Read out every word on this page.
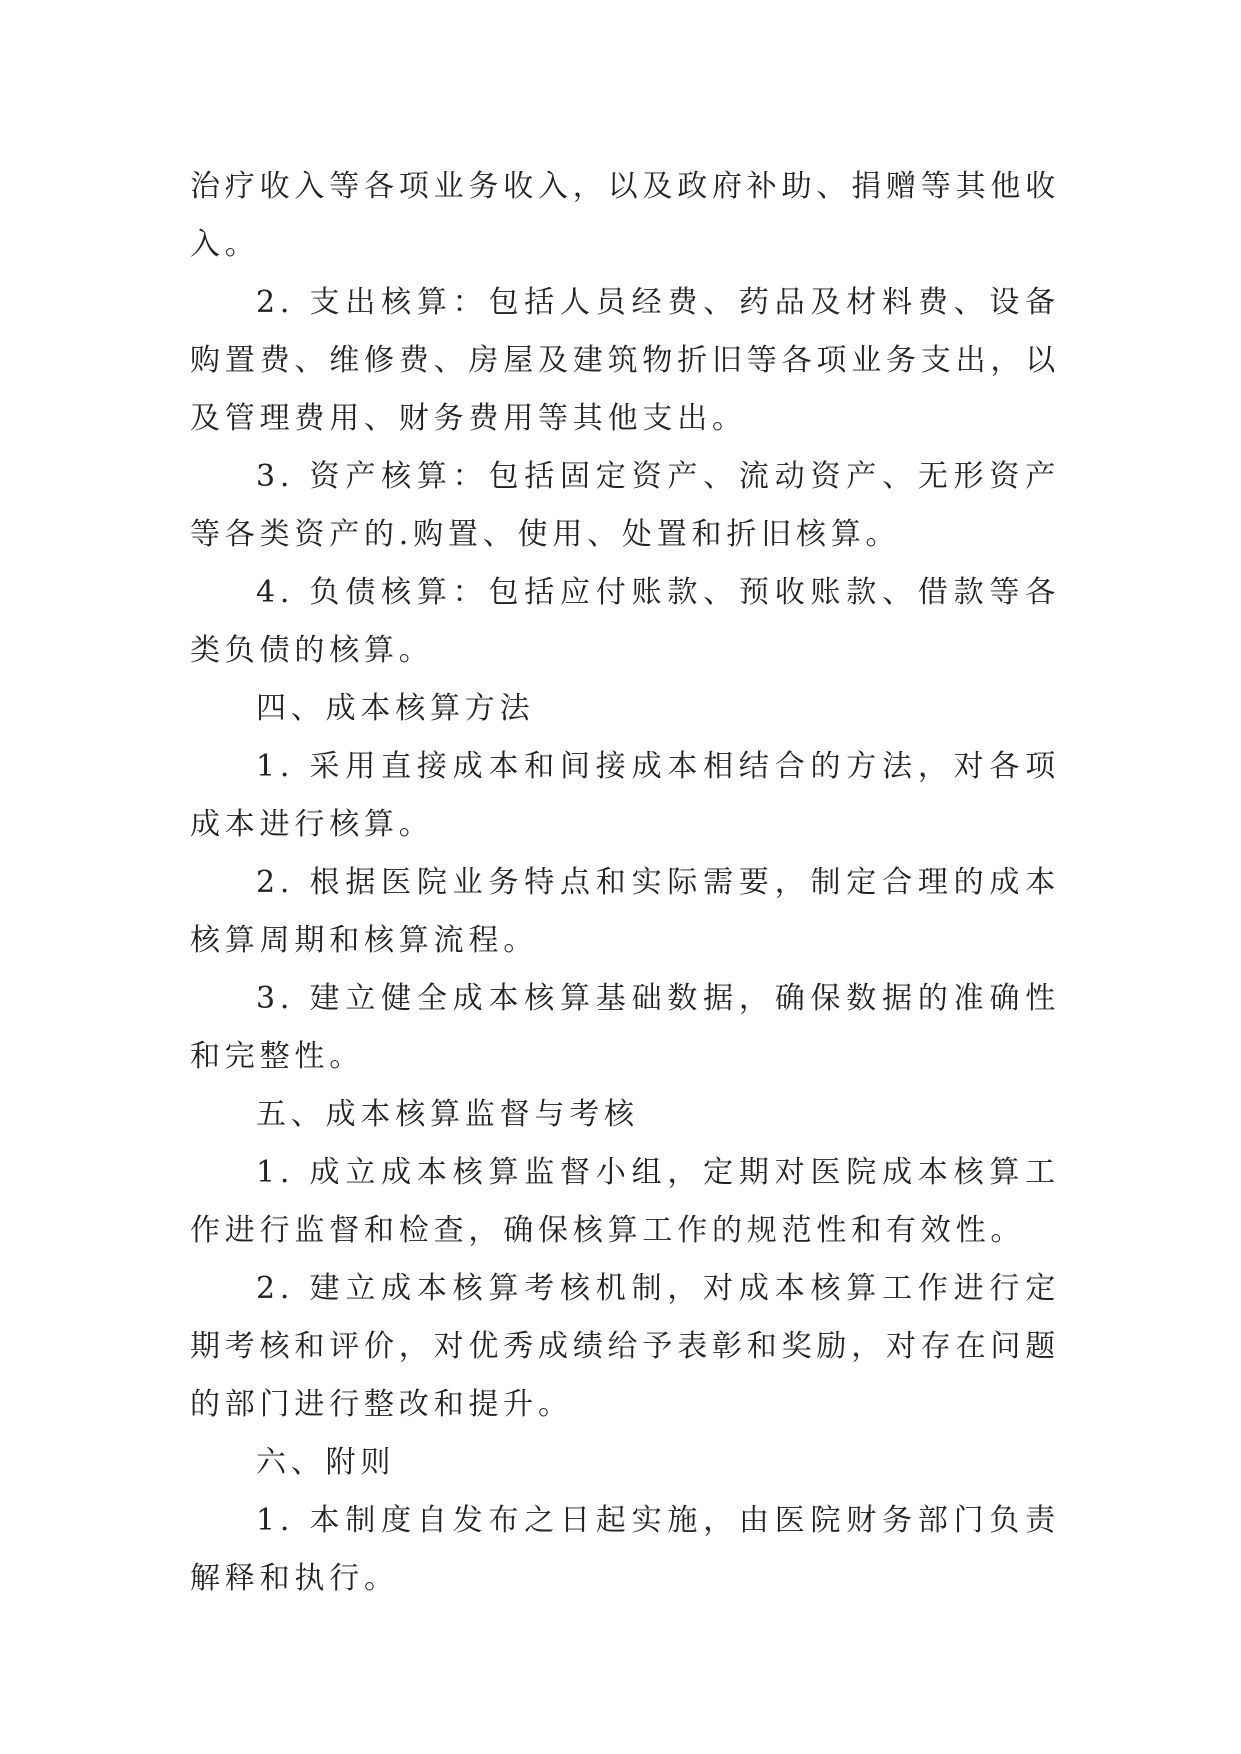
治疗收入等各项业务收入，以及政府补助、捐赠等其他收入。

2. 支出核算：包括人员经费、药品及材料费、设备购置费、维修费、房屋及建筑物折旧等各项业务支出，以及管理费用、财务费用等其他支出。

3. 资产核算：包括固定资产、流动资产、无形资产等各类资产的.购置、使用、处置和折旧核算。

4. 负债核算：包括应付账款、预收账款、借款等各类负债的核算。

四、成本核算方法

1. 采用直接成本和间接成本相结合的方法，对各项成本进行核算。

2. 根据医院业务特点和实际需要，制定合理的成本核算周期和核算流程。

3. 建立健全成本核算基础数据，确保数据的准确性和完整性。

五、成本核算监督与考核

1. 成立成本核算监督小组，定期对医院成本核算工作进行监督和检查，确保核算工作的规范性和有效性。

2. 建立成本核算考核机制，对成本核算工作进行定期考核和评价，对优秀成绩给予表彰和奖励，对存在问题的部门进行整改和提升。

六、附则

1. 本制度自发布之日起实施，由医院财务部门负责解释和执行。
